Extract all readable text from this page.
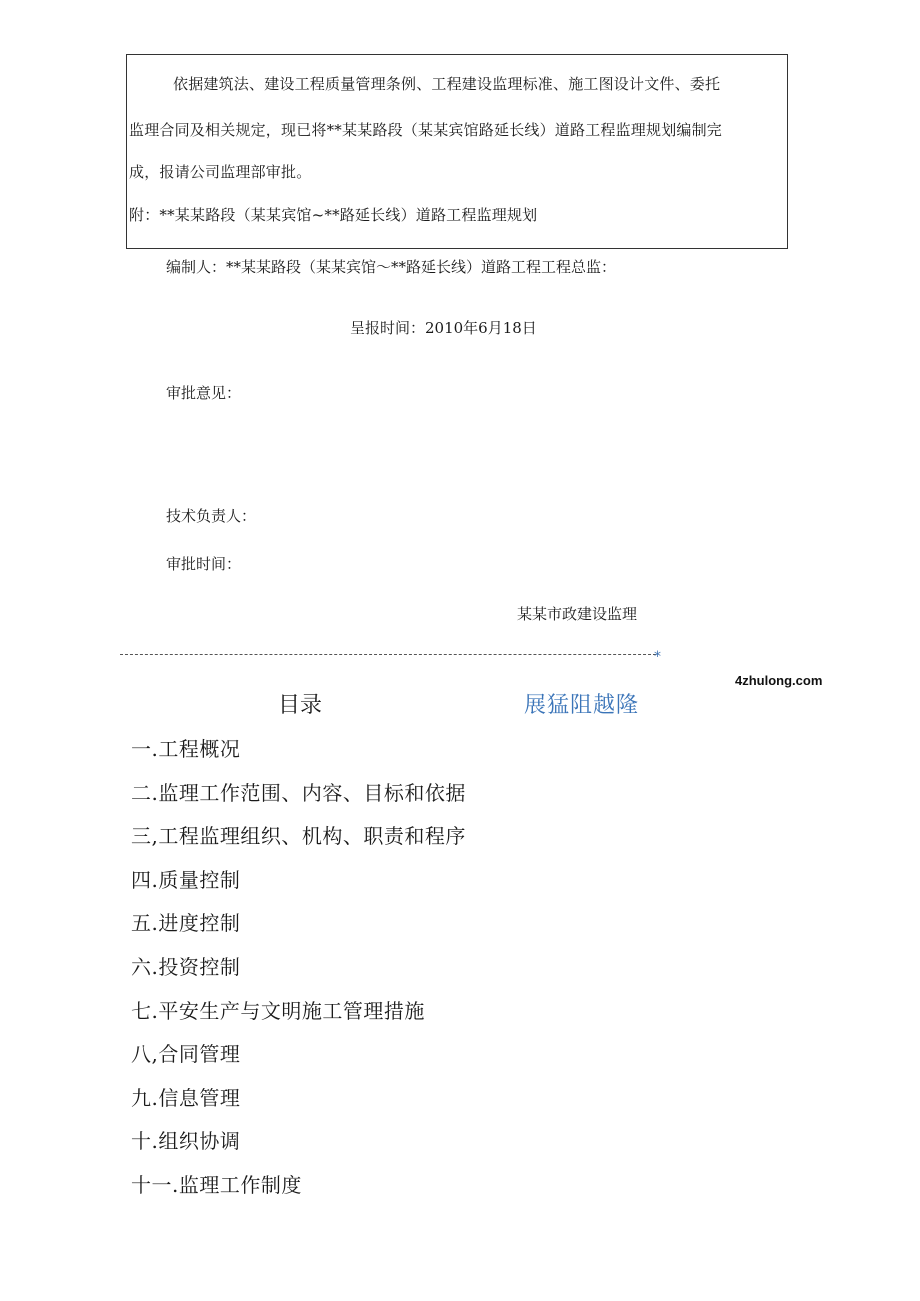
依据建筑法、建设工程质量管理条例、工程建设监理标准、施工图设计文件、委托

监理合同及相关规定，现已将**某某路段（某某宾馆路延长线）道路工程监理规划编制完

成，报请公司监理部审批。

附：**某某路段（某某宾馆~**路延长线）道路工程监理规划

编制人：**某某路段（某某宾馆～**路延长线）道路工程工程总监：

呈报时间：2010年6月18日

审批意见：

技术负责人：

审批时间：

某某市政建设监理

*
4zhulong.com
目录	展猛阻越隆
一.工程概况
二.监理工作范围、内容、目标和依据
三,工程监理组织、机构、职责和程序
四.质量控制
五.进度控制
六.投资控制
七.平安生产与文明施工管理措施
八,合同管理
九.信息管理
十.组织协调
十一.监理工作制度
